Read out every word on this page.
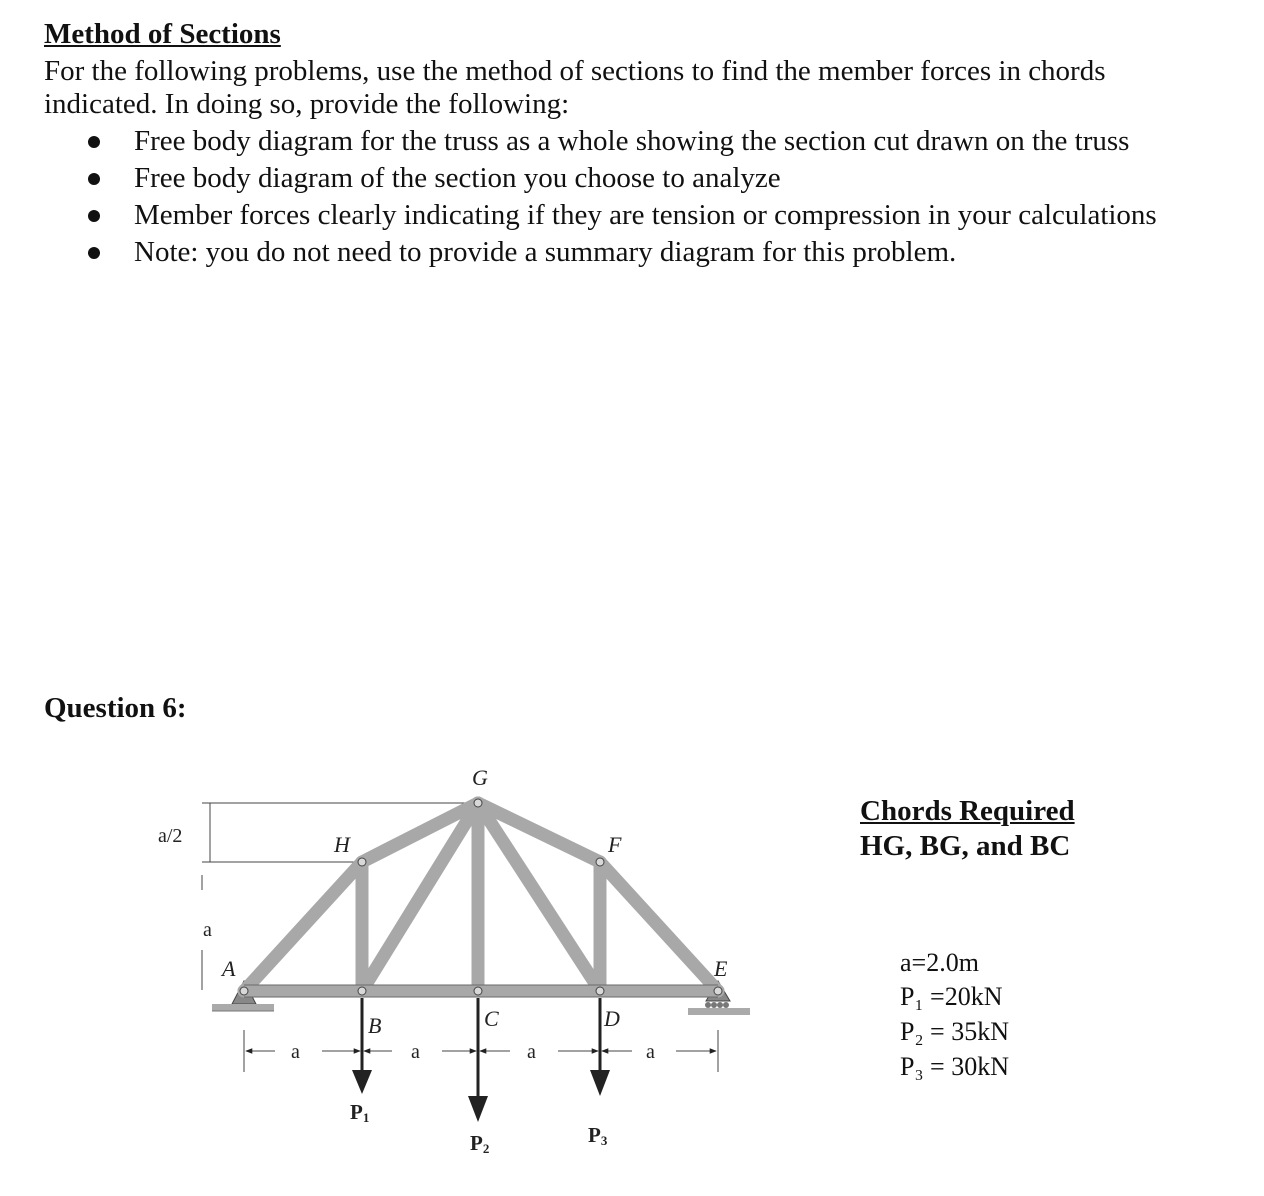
Method of Sections
For the following problems, use the method of sections to find the member forces in chords
indicated. In doing so, provide the following:
Free body diagram for the truss as a whole showing the section cut drawn on the truss
Free body diagram of the section you choose to analyze
Member forces clearly indicating if they are tension or compression in your calculations
Note: you do not need to provide a summary diagram for this problem.
Question 6:
A
B	C	D
E
F
G
H
a/2
a
a	a	a	a
P1
P2
P3
Chords Required
HG, BG, and BC
a=2.0m
P₁ =20kN
P₂ = 35kN
P₃ = 30kN
